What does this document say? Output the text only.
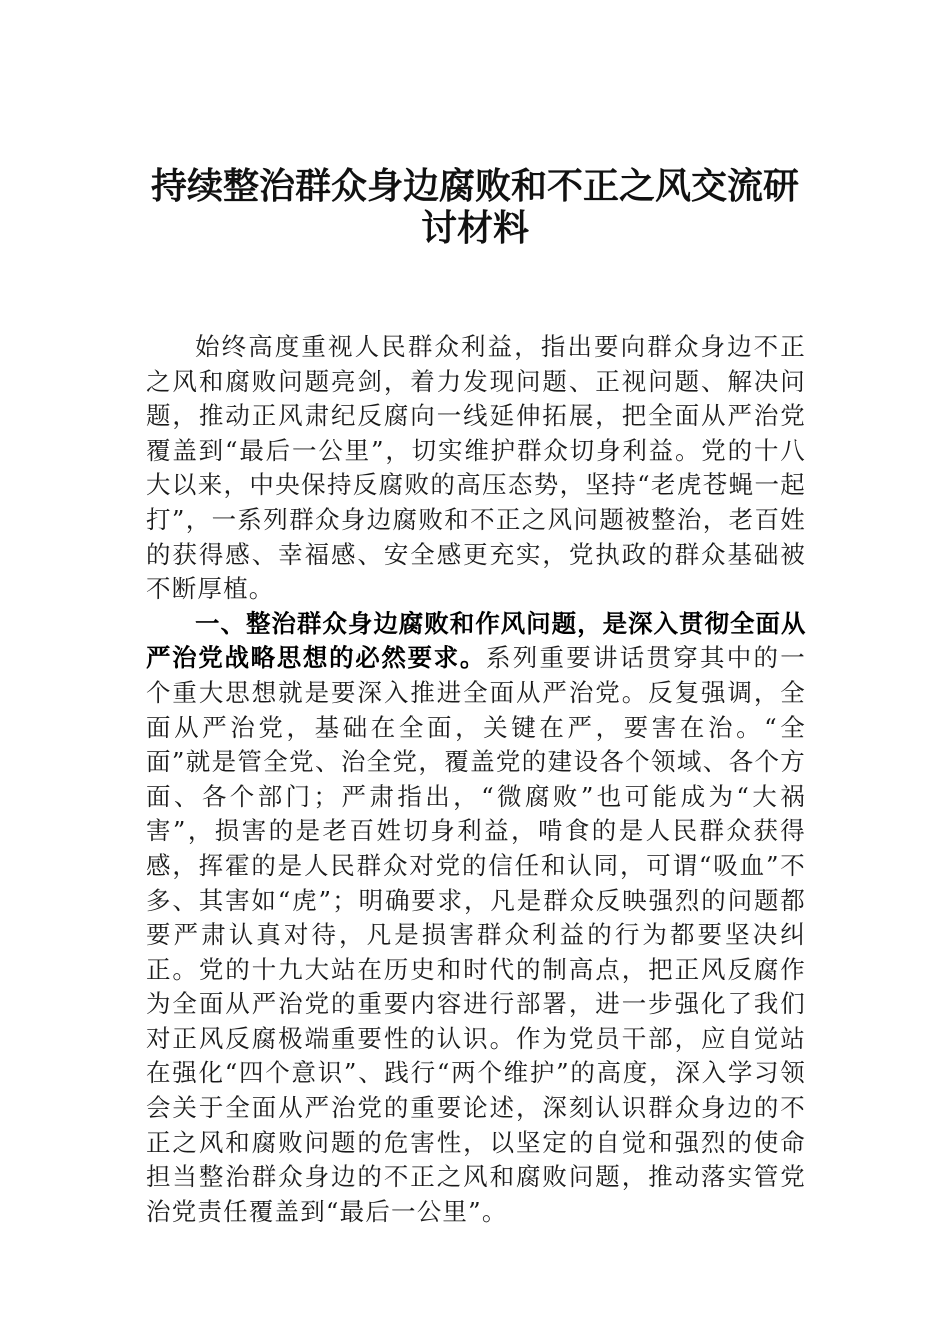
持续整治群众身边腐败和不正之风交流研
讨材料

始终高度重视人民群众利益，指出要向群众身边不正之风和腐败问题亮剑，着力发现问题、正视问题、解决问题，推动正风肃纪反腐向一线延伸拓展，把全面从严治党覆盖到“最后一公里”，切实维护群众切身利益。党的十八大以来，中央保持反腐败的高压态势，坚持“老虎苍蝇一起打”，一系列群众身边腐败和不正之风问题被整治，老百姓的获得感、幸福感、安全感更充实，党执政的群众基础被不断厚植。

一、整治群众身边腐败和作风问题，是深入贯彻全面从严治党战略思想的必然要求。系列重要讲话贯穿其中的一个重大思想就是要深入推进全面从严治党。反复强调，全面从严治党，基础在全面，关键在严，要害在治。“全面”就是管全党、治全党，覆盖党的建设各个领域、各个方面、各个部门；严肃指出，“微腐败”也可能成为“大祸害”，损害的是老百姓切身利益，啃食的是人民群众获得感，挥霍的是人民群众对党的信任和认同，可谓“吸血”不多、其害如“虎”；明确要求，凡是群众反映强烈的问题都要严肃认真对待，凡是损害群众利益的行为都要坚决纠正。党的十九大站在历史和时代的制高点，把正风反腐作为全面从严治党的重要内容进行部署，进一步强化了我们对正风反腐极端重要性的认识。作为党员干部，应自觉站在强化“四个意识”、践行“两个维护”的高度，深入学习领会关于全面从严治党的重要论述，深刻认识群众身边的不正之风和腐败问题的危害性，以坚定的自觉和强烈的使命担当整治群众身边的不正之风和腐败问题，推动落实管党治党责任覆盖到“最后一公里”。
